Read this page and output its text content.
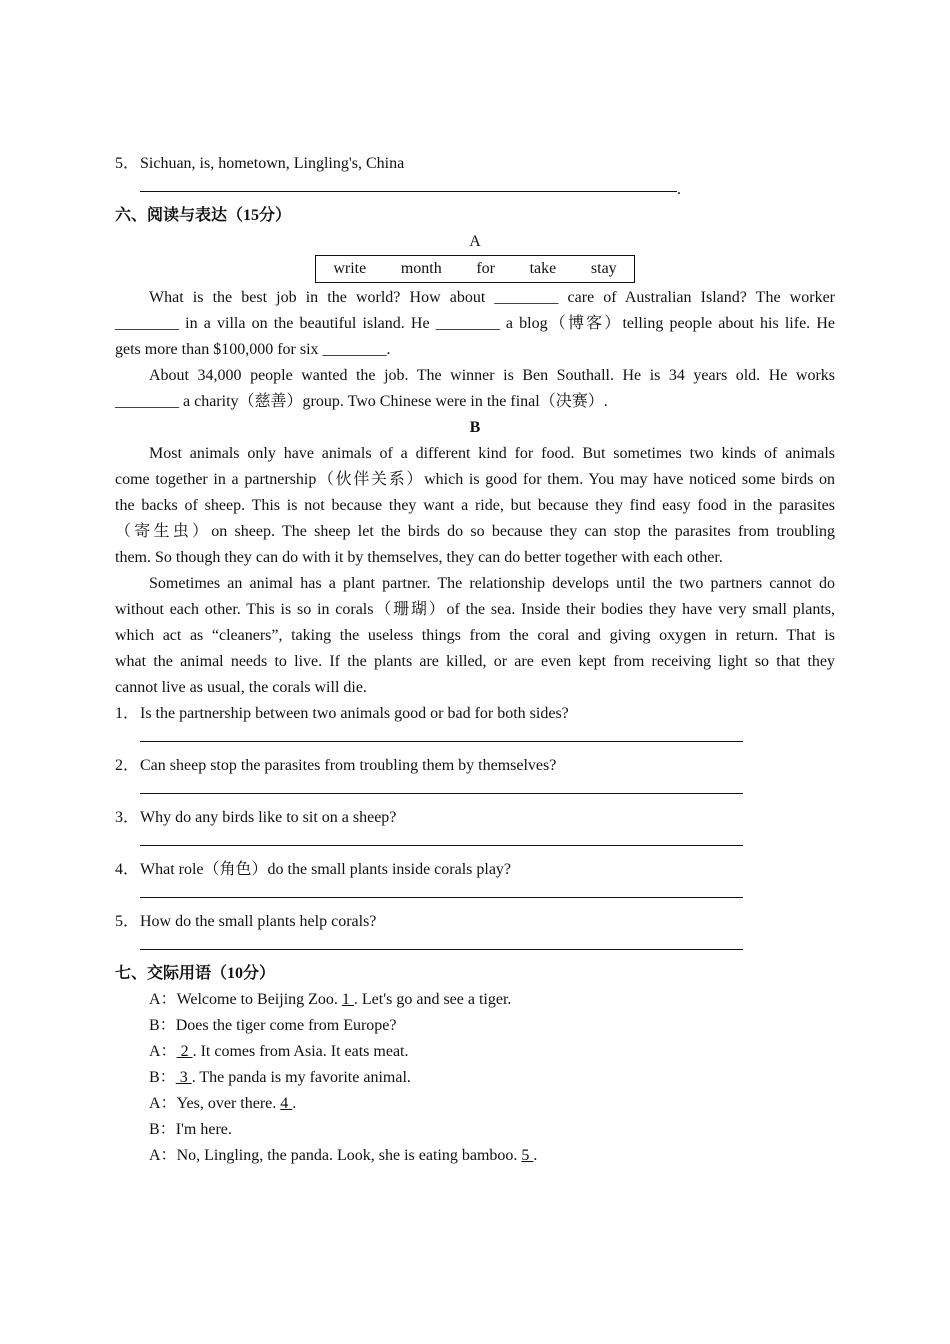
5．Sichuan, is, hometown, Lingling's, China
.
六、阅读与表达（15分）
A
write month for take stay
What is the best job in the world? How about ________ care of Australian Island? The worker
________ in a villa on the beautiful island. He ________ a blog（博客）telling people about his life. He
gets more than $100,000 for six ________.
About 34,000 people wanted the job. The winner is Ben Southall. He is 34 years old. He works
________ a charity（慈善）group. Two Chinese were in the final（决赛）.
B
Most animals only have animals of a different kind for food. But sometimes two kinds of animals
come together in a partnership（伙伴关系）which is good for them. You may have noticed some birds on
the backs of sheep. This is not because they want a ride, but because they find easy food in the parasites
（寄生虫）on sheep. The sheep let the birds do so because they can stop the parasites from troubling
them. So though they can do with it by themselves, they can do better together with each other.
Sometimes an animal has a plant partner. The relationship develops until the two partners cannot do
without each other. This is so in corals（珊瑚）of the sea. Inside their bodies they have very small plants,
which act as “cleaners”, taking the useless things from the coral and giving oxygen in return. That is
what the animal needs to live. If the plants are killed, or are even kept from receiving light so that they
cannot live as usual, the corals will die.
1．Is the partnership between two animals good or bad for both sides?
2．Can sheep stop the parasites from troubling them by themselves?
3．Why do any birds like to sit on a sheep?
4．What role（角色）do the small plants inside corals play?
5．How do the small plants help corals?
七、交际用语（10分）
A：Welcome to Beijing Zoo. 1 . Let's go and see a tiger.
B：Does the tiger come from Europe?
A： 2 . It comes from Asia. It eats meat.
B： 3 . The panda is my favorite animal.
A：Yes, over there. 4 .
B：I'm here.
A：No, Lingling, the panda. Look, she is eating bamboo. 5 .
